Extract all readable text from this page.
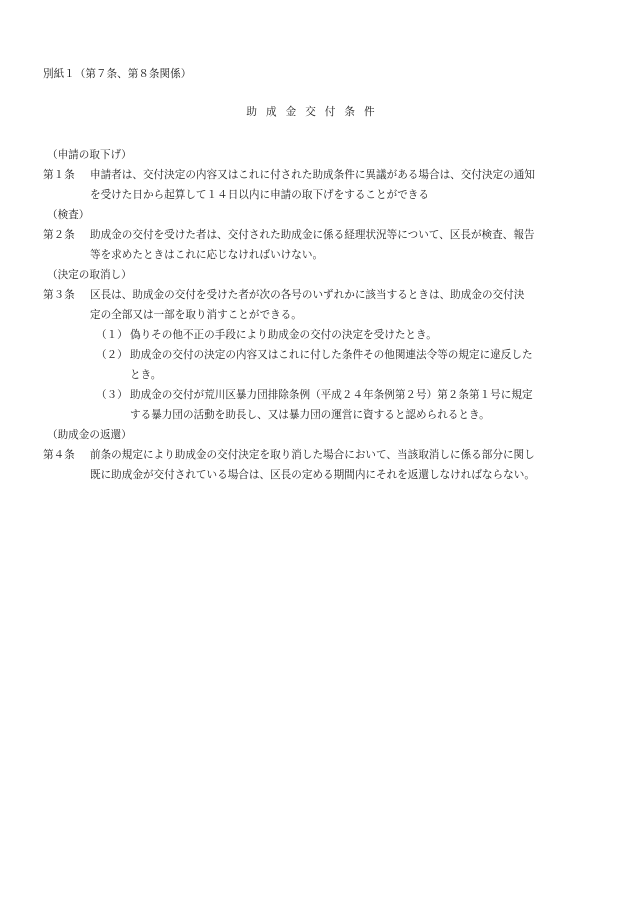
別紙１（第７条、第８条関係）
助成金交付条件
（申請の取下げ）
第１条 申請者は、交付決定の内容又はこれに付された助成条件に異議がある場合は、交付決定の通知
を受けた日から起算して１４日以内に申請の取下げをすることができる
（検査）
第２条 助成金の交付を受けた者は、交付された助成金に係る経理状況等について、区長が検査、報告
等を求めたときはこれに応じなければいけない。
（決定の取消し）
第３条 区長は、助成金の交付を受けた者が次の各号のいずれかに該当するときは、助成金の交付決
定の全部又は一部を取り消すことができる。
（１） 偽りその他不正の手段により助成金の交付の決定を受けたとき。
（２） 助成金の交付の決定の内容又はこれに付した条件その他関連法令等の規定に違反した
とき。
（３） 助成金の交付が荒川区暴力団排除条例（平成２４年条例第２号）第２条第１号に規定
する暴力団の活動を助長し、又は暴力団の運営に資すると認められるとき。
（助成金の返還）
第４条 前条の規定により助成金の交付決定を取り消した場合において、当該取消しに係る部分に関し
既に助成金が交付されている場合は、区長の定める期間内にそれを返還しなければならない。
